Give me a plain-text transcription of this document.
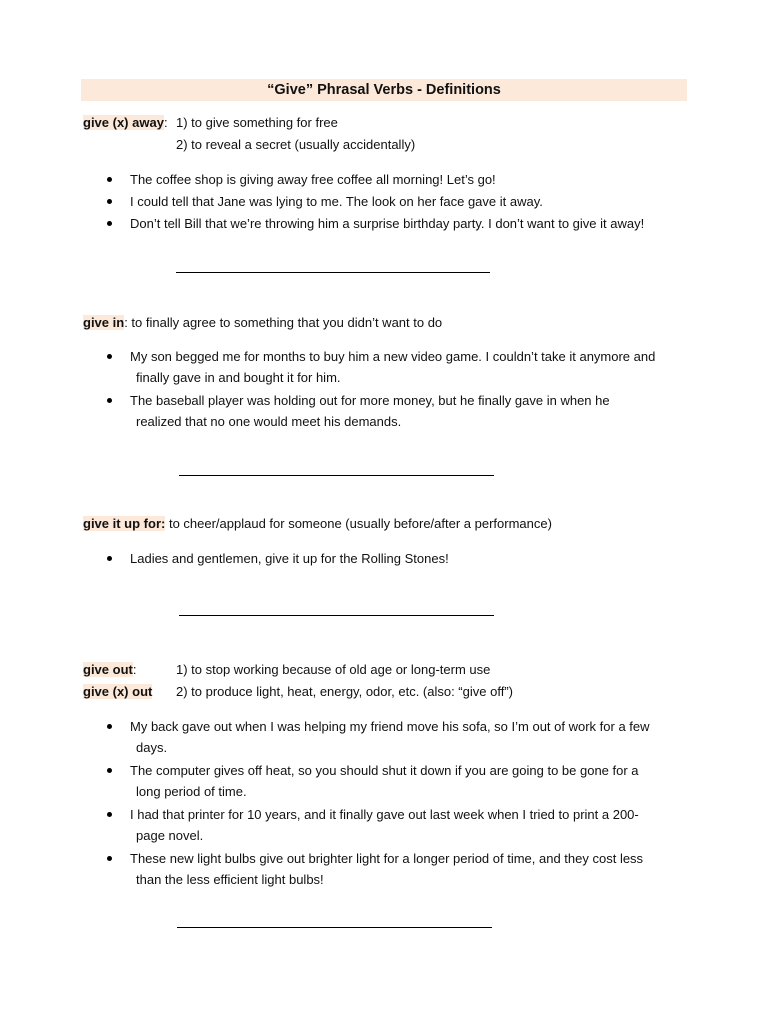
“Give” Phrasal Verbs - Definitions
give (x) away: 1) to give something for free
2) to reveal a secret (usually accidentally)
The coffee shop is giving away free coffee all morning! Let’s go!
I could tell that Jane was lying to me. The look on her face gave it away.
Don’t tell Bill that we’re throwing him a surprise birthday party. I don’t want to give it away!
give in: to finally agree to something that you didn’t want to do
My son begged me for months to buy him a new video game. I couldn’t take it anymore and
finally gave in and bought it for him.
The baseball player was holding out for more money, but he finally gave in when he
realized that no one would meet his demands.
give it up for: to cheer/applaud for someone (usually before/after a performance)
Ladies and gentlemen, give it up for the Rolling Stones!
give out:	1) to stop working because of old age or long-term use
give (x) out 2) to produce light, heat, energy, odor, etc. (also: “give off”)
My back gave out when I was helping my friend move his sofa, so I’m out of work for a few
days.
The computer gives off heat, so you should shut it down if you are going to be gone for a
long period of time.
I had that printer for 10 years, and it finally gave out last week when I tried to print a 200-
page novel.
These new light bulbs give out brighter light for a longer period of time, and they cost less
than the less efficient light bulbs!
